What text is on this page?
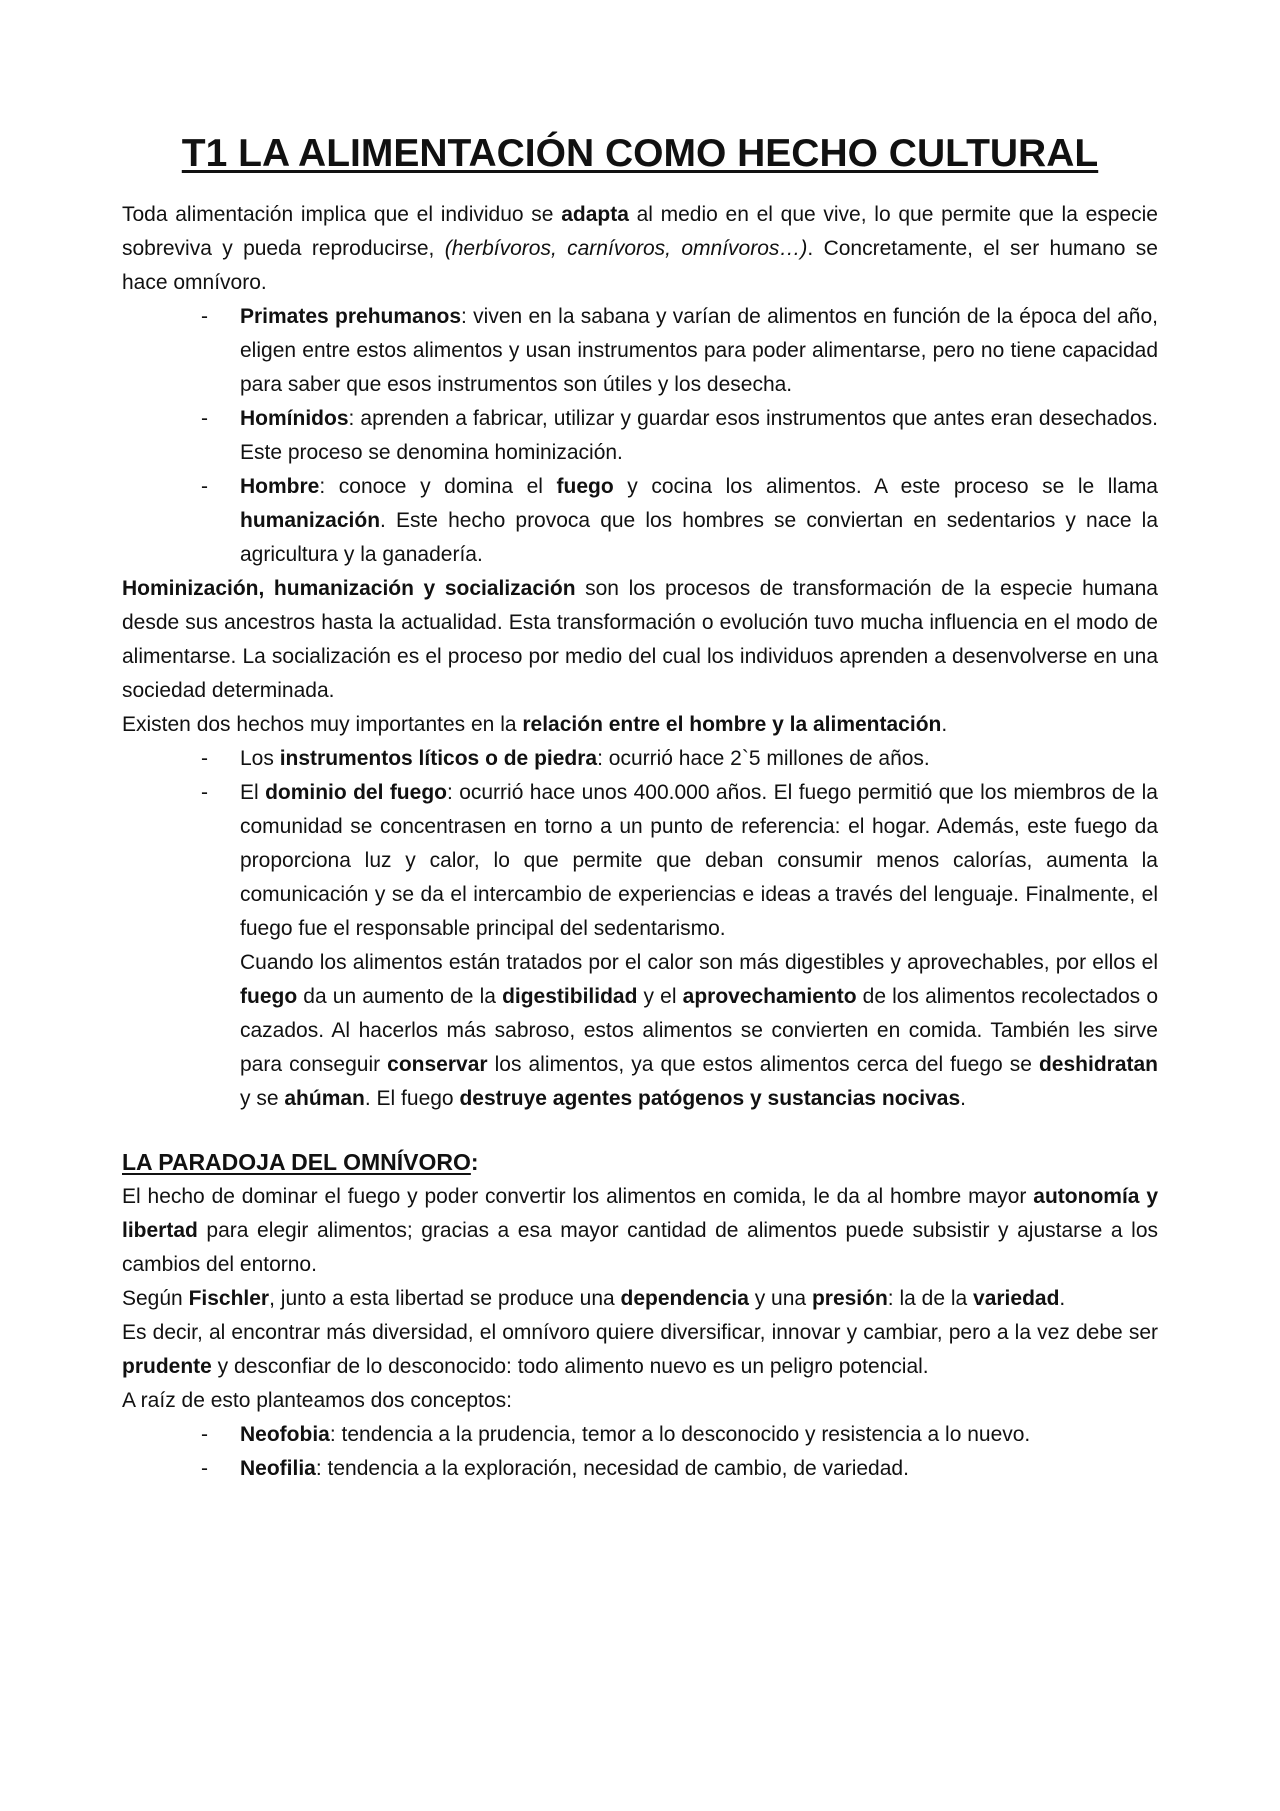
T1 LA ALIMENTACIÓN COMO HECHO CULTURAL

Toda alimentación implica que el individuo se adapta al medio en el que vive, lo que permite que la especie sobreviva y pueda reproducirse, (herbívoros, carnívoros, omnívoros…). Concretamente, el ser humano se hace omnívoro.

- Primates prehumanos: viven en la sabana y varían de alimentos en función de la época del año, eligen entre estos alimentos y usan instrumentos para poder alimentarse, pero no tiene capacidad para saber que esos instrumentos son útiles y los desecha.
- Homínidos: aprenden a fabricar, utilizar y guardar esos instrumentos que antes eran desechados. Este proceso se denomina hominización.
- Hombre: conoce y domina el fuego y cocina los alimentos. A este proceso se le llama humanización. Este hecho provoca que los hombres se conviertan en sedentarios y nace la agricultura y la ganadería.

Hominización, humanización y socialización son los procesos de transformación de la especie humana desde sus ancestros hasta la actualidad. Esta transformación o evolución tuvo mucha influencia en el modo de alimentarse. La socialización es el proceso por medio del cual los individuos aprenden a desenvolverse en una sociedad determinada.

Existen dos hechos muy importantes en la relación entre el hombre y la alimentación.

- Los instrumentos líticos o de piedra: ocurrió hace 2`5 millones de años.
- El dominio del fuego: ocurrió hace unos 400.000 años. El fuego permitió que los miembros de la comunidad se concentrasen en torno a un punto de referencia: el hogar. Además, este fuego da proporciona luz y calor, lo que permite que deban consumir menos calorías, aumenta la comunicación y se da el intercambio de experiencias e ideas a través del lenguaje. Finalmente, el fuego fue el responsable principal del sedentarismo.

Cuando los alimentos están tratados por el calor son más digestibles y aprovechables, por ellos el fuego da un aumento de la digestibilidad y el aprovechamiento de los alimentos recolectados o cazados. Al hacerlos más sabroso, estos alimentos se convierten en comida. También les sirve para conseguir conservar los alimentos, ya que estos alimentos cerca del fuego se deshidratan y se ahúman. El fuego destruye agentes patógenos y sustancias nocivas.

LA PARADOJA DEL OMNÍVORO:

El hecho de dominar el fuego y poder convertir los alimentos en comida, le da al hombre mayor autonomía y libertad para elegir alimentos; gracias a esa mayor cantidad de alimentos puede subsistir y ajustarse a los cambios del entorno.

Según Fischler, junto a esta libertad se produce una dependencia y una presión: la de la variedad.

Es decir, al encontrar más diversidad, el omnívoro quiere diversificar, innovar y cambiar, pero a la vez debe ser prudente y desconfiar de lo desconocido: todo alimento nuevo es un peligro potencial.

A raíz de esto planteamos dos conceptos:

- Neofobia: tendencia a la prudencia, temor a lo desconocido y resistencia a lo nuevo.
- Neofilia: tendencia a la exploración, necesidad de cambio, de variedad.
